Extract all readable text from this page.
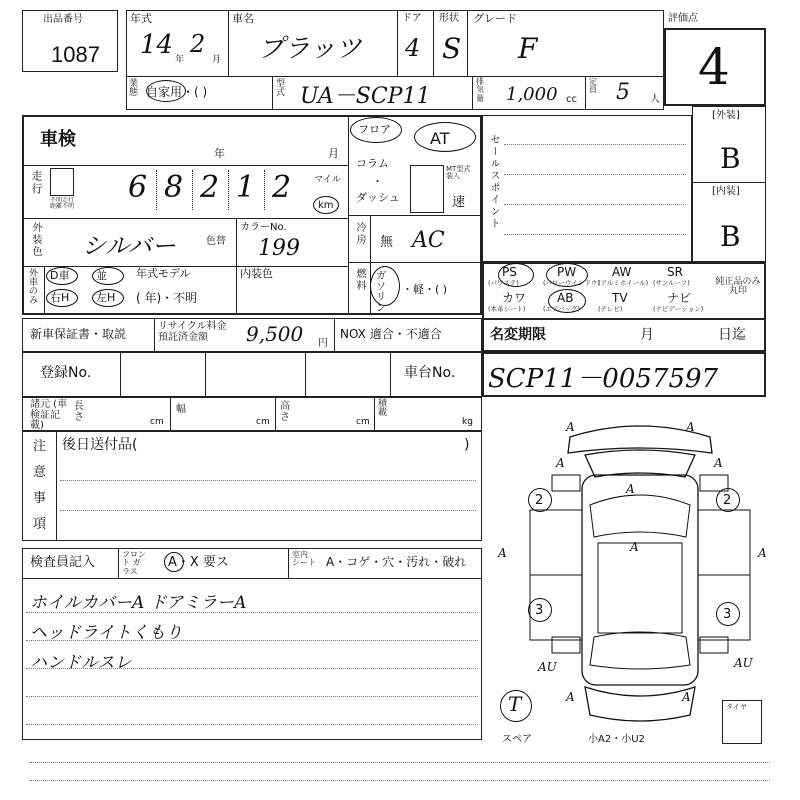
出品番号
1087
年式
14 年
2
月
車名
プラッツ
ドア
4
形状
S
グレード
F
業態 自家用・( )
型式 UA－SCP11
排気量 1,000 cc
定員 5 人
評価点
4
[外装]
B
[内装]
B
車検
年	月
走行
不明走行 距離不明
マイル
km
外装色 シルバー	色替
カラーNo.
199
外車のみ	年式モデル
( 年)・不明
内装色
フロア
コラム
・
ダッシュ
AT
MT型式 装入
速
冷房 無 AC
燃料 ガソリン
・軽・( )
セールスポイント
純正品のみ丸印
新車保証書・取説
リサイクル料金 預託済金額	9,500 円
NOX 適合・不適合	名変期限	月	日迄
登録No.	車台No. SCP11－0057597
諸元 (車検証記載)
長さ	cm
幅
cm
高さ	cm
積載
kg
後日送付品(	)
検査員記入
フロント ガラス
A・X 要ス
室内 シート A・コゲ・穴・汚れ・破れ
2	2
3	3
T
スペア	小A2・小U2
タイヤ
6 8 2 1 2
D車 並
右H 左H
PS
(パワステ)
PW
(パワーウインドウ)
AW
(アルミホイール)
SR
(サンルーフ)
カワ
(本革シート)
AB
(エアバッグ)
TV
(テレビ)
ナビ
(ナビゲーション)
注
意
事
項
ホイルカバーA ドアミラーA
ヘッドライトくもり
ハンドルスレ
A	A
A
A
A	A
AU	AU
A	A
A	A
